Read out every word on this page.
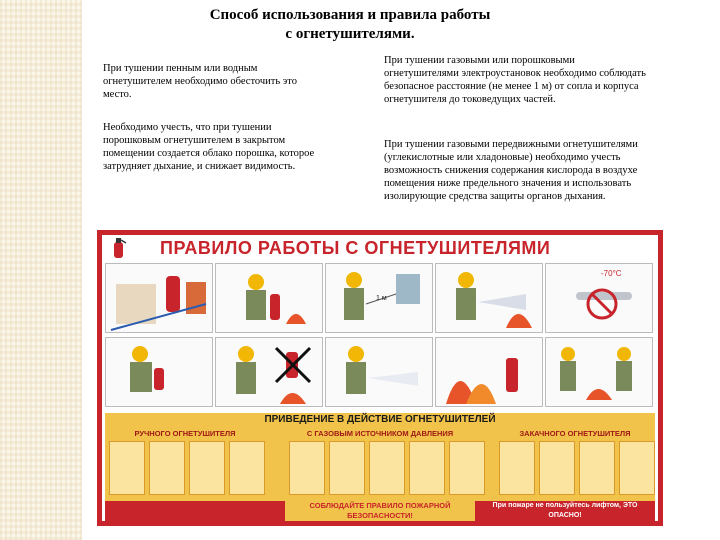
Способ использования и правила работы
с огнетушителями.
При тушении пенным или водным огнетушителем необходимо обесточить это место.
Необходимо учесть, что при тушении порошковым огнетушителем в закрытом помещении создается облако порошка, которое затрудняет дыхание, и снижает видимость.
При тушении газовыми или порошковыми огнетушителями электроустановок необходимо соблюдать безопасное расстояние (не менее 1 м) от сопла и корпуса огнетушителя до токоведущих частей.
При тушении газовыми передвижными огнетушителями (углекислотные или хладоновые) необходимо учесть возможность снижения содержания кислорода в воздухе помещения ниже предельного значения и использовать изолирующие средства защиты органов дыхания.
ПРАВИЛО РАБОТЫ С ОГНЕТУШИТЕЛЯМИ
1 м
-70°C
ПРИВЕДЕНИЕ В ДЕЙСТВИЕ ОГНЕТУШИТЕЛЕЙ
РУЧНОГО ОГНЕТУШИТЕЛЯ	С ГАЗОВЫМ ИСТОЧНИКОМ ДАВЛЕНИЯ	ЗАКАЧНОГО ОГНЕТУШИТЕЛЯ
СОБЛЮДАЙТЕ ПРАВИЛО ПОЖАРНОЙ БЕЗОПАСНОСТИ!
При пожаре не пользуйтесь лифтом, ЭТО ОПАСНО!
